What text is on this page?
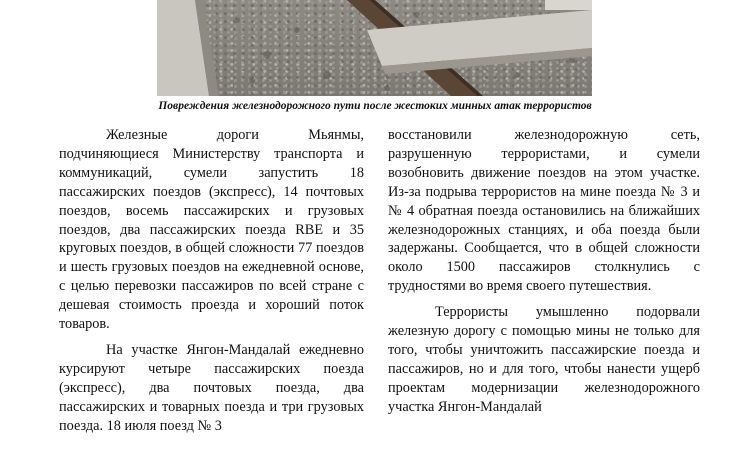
Повреждения железнодорожного пути после жестоких минных атак террористов

Железные дороги Мьянмы, подчиняющиеся Министерству транспорта и коммуникаций, сумели запустить 18 пассажирских поездов (экспресс), 14 почтовых поездов, восемь пассажирских и грузовых поездов, два пассажирских поезда RBE и 35 круговых поездов, в общей сложности 77 поездов и шесть грузовых поездов на ежедневной основе, с целью перевозки пассажиров по всей стране с дешевая стоимость проезда и хороший поток товаров.

На участке Янгон-Мандалай ежедневно курсируют четыре пассажирских поезда (экспресс), два почтовых поезда, два пассажирских и товарных поезда и три грузовых поезда. 18 июля поезд № 3

восстановили железнодорожную сеть, разрушенную террористами, и сумели возобновить движение поездов на этом участке. Из-за подрыва террористов на мине поезда № 3 и № 4 обратная поезда остановились на ближайших железнодорожных станциях, и оба поезда были задержаны. Сообщается, что в общей сложности около 1500 пассажиров столкнулись с трудностями во время своего путешествия.

Террористы умышленно подорвали железную дорогу с помощью мины не только для того, чтобы уничтожить пассажирские поезда и пассажиров, но и для того, чтобы нанести ущерб проектам модернизации железнодорожного участка Янгон-Мандалай
